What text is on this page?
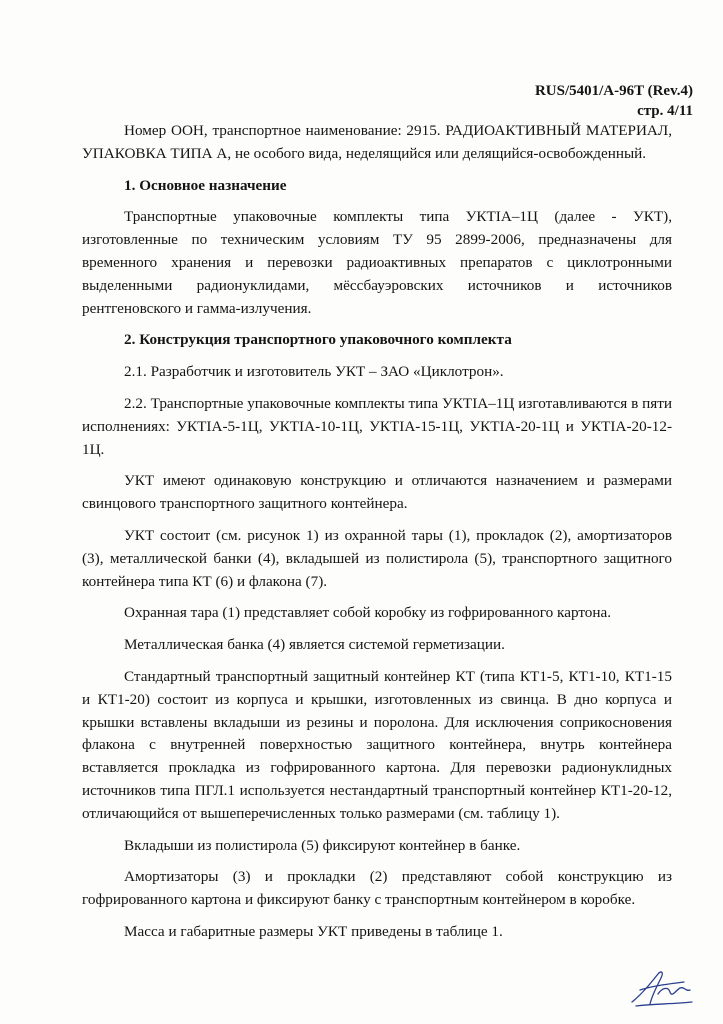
RUS/5401/A-96T (Rev.4)
стр. 4/11

Номер ООН, транспортное наименование: 2915. РАДИОАКТИВНЫЙ МАТЕРИАЛ, УПАКОВКА ТИПА А, не особого вида, неделящийся или делящийся-освобожденный.

1. Основное назначение

Транспортные упаковочные комплекты типа УКТIA–1Ц (далее - УКТ), изготовленные по техническим условиям ТУ 95 2899-2006, предназначены для временного хранения и перевозки радиоактивных препаратов с циклотронными выделенными радионуклидами, мёссбауэровских источников и источников рентгеновского и гамма-излучения.

2. Конструкция транспортного упаковочного комплекта

2.1. Разработчик и изготовитель УКТ – ЗАО «Циклотрон».

2.2. Транспортные упаковочные комплекты типа УКТIA–1Ц изготавливаются в пяти исполнениях: УКТIA-5-1Ц, УКТIA-10-1Ц, УКТIA-15-1Ц, УКТIA-20-1Ц и УКТIA-20-12-1Ц.

УКТ имеют одинаковую конструкцию и отличаются назначением и размерами свинцового транспортного защитного контейнера.

УКТ состоит (см. рисунок 1) из охранной тары (1), прокладок (2), амортизаторов (3), металлической банки (4), вкладышей из полистирола (5), транспортного защитного контейнера типа КТ (6) и флакона (7).

Охранная тара (1) представляет собой коробку из гофрированного картона.

Металлическая банка (4) является системой герметизации.

Стандартный транспортный защитный контейнер КТ (типа КТ1-5, КТ1-10, КТ1-15 и КТ1-20) состоит из корпуса и крышки, изготовленных из свинца. В дно корпуса и крышки вставлены вкладыши из резины и поролона. Для исключения соприкосновения флакона с внутренней поверхностью защитного контейнера, внутрь контейнера вставляется прокладка из гофрированного картона. Для перевозки радионуклидных источников типа ПГЛ.1 используется нестандартный транспортный контейнер КТ1-20-12, отличающийся от вышеперечисленных только размерами (см. таблицу 1).

Вкладыши из полистирола (5) фиксируют контейнер в банке.

Амортизаторы (3) и прокладки (2) представляют собой конструкцию из гофрированного картона и фиксируют банку с транспортным контейнером в коробке.

Масса и габаритные размеры УКТ приведены в таблице 1.
